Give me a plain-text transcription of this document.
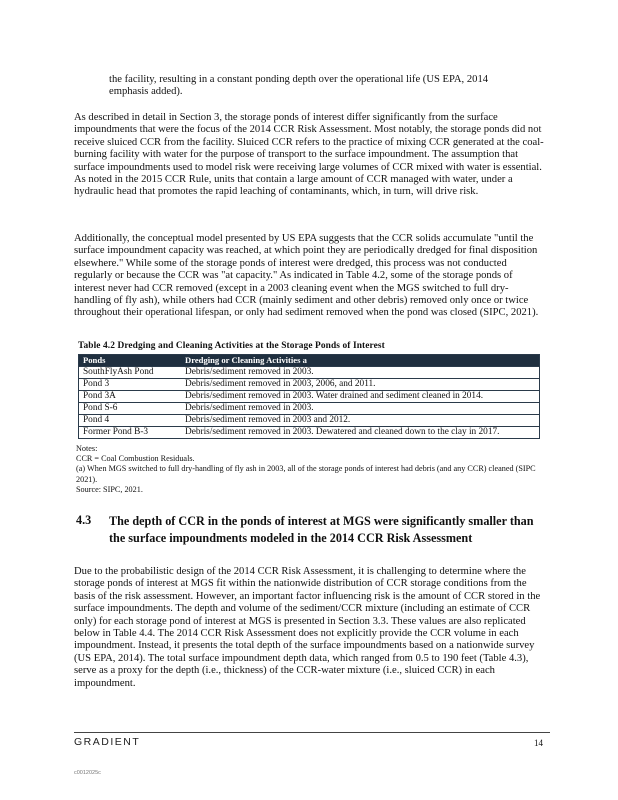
the facility, resulting in a constant ponding depth over the operational life (US EPA, 2014 emphasis added).

As described in detail in Section 3, the storage ponds of interest differ significantly from the surface impoundments that were the focus of the 2014 CCR Risk Assessment. Most notably, the storage ponds did not receive sluiced CCR from the facility. Sluiced CCR refers to the practice of mixing CCR generated at the coal-burning facility with water for the purpose of transport to the surface impoundment. The assumption that surface impoundments used to model risk were receiving large volumes of CCR mixed with water is essential. As noted in the 2015 CCR Rule, units that contain a large amount of CCR managed with water, under a hydraulic head that promotes the rapid leaching of contaminants, which, in turn, will drive risk.

Additionally, the conceptual model presented by US EPA suggests that the CCR solids accumulate "until the surface impoundment capacity was reached, at which point they are periodically dredged for final disposition elsewhere." While some of the storage ponds of interest were dredged, this process was not conducted regularly or because the CCR was "at capacity." As indicated in Table 4.2, some of the storage ponds of interest never had CCR removed (except in a 2003 cleaning event when the MGS switched to full dry-handling of fly ash), while others had CCR (mainly sediment and other debris) removed only once or twice throughout their operational lifespan, or only had sediment removed when the pond was closed (SIPC, 2021).

Table 4.2 Dredging and Cleaning Activities at the Storage Ponds of Interest
Ponds	Dredging or Cleaning Activities a
SouthFlyAsh Pond	Debris/sediment removed in 2003.
Pond 3	Debris/sediment removed in 2003, 2006, and 2011.
Pond 3A	Debris/sediment removed in 2003. Water drained and sediment cleaned in 2014.
Pond S-6	Debris/sediment removed in 2003.
Pond 4	Debris/sediment removed in 2003 and 2012.
Former Pond B-3	Debris/sediment removed in 2003. Dewatered and cleaned down to the clay in 2017.
Notes:
CCR = Coal Combustion Residuals.
(a) When MGS switched to full dry-handling of fly ash in 2003, all of the storage ponds of interest had debris (and any CCR) cleaned (SIPC 2021).
Source: SIPC, 2021.
4.3 The depth of CCR in the ponds of interest at MGS were significantly smaller than the surface impoundments modeled in the 2014 CCR Risk Assessment

Due to the probabilistic design of the 2014 CCR Risk Assessment, it is challenging to determine where the storage ponds of interest at MGS fit within the nationwide distribution of CCR storage conditions from the basis of the risk assessment. However, an important factor influencing risk is the amount of CCR stored in the surface impoundments. The depth and volume of the sediment/CCR mixture (including an estimate of CCR only) for each storage pond of interest at MGS is presented in Section 3.3. These values are also replicated below in Table 4.4. The 2014 CCR Risk Assessment does not explicitly provide the CCR volume in each impoundment. Instead, it presents the total depth of the surface impoundments based on a nationwide survey (US EPA, 2014). The total surface impoundment depth data, which ranged from 0.5 to 190 feet (Table 4.3), serve as a proxy for the depth (i.e., thickness) of the CCR-water mixture (i.e., sluiced CCR) in each impoundment.

GRADIENT	14
c0012025c
